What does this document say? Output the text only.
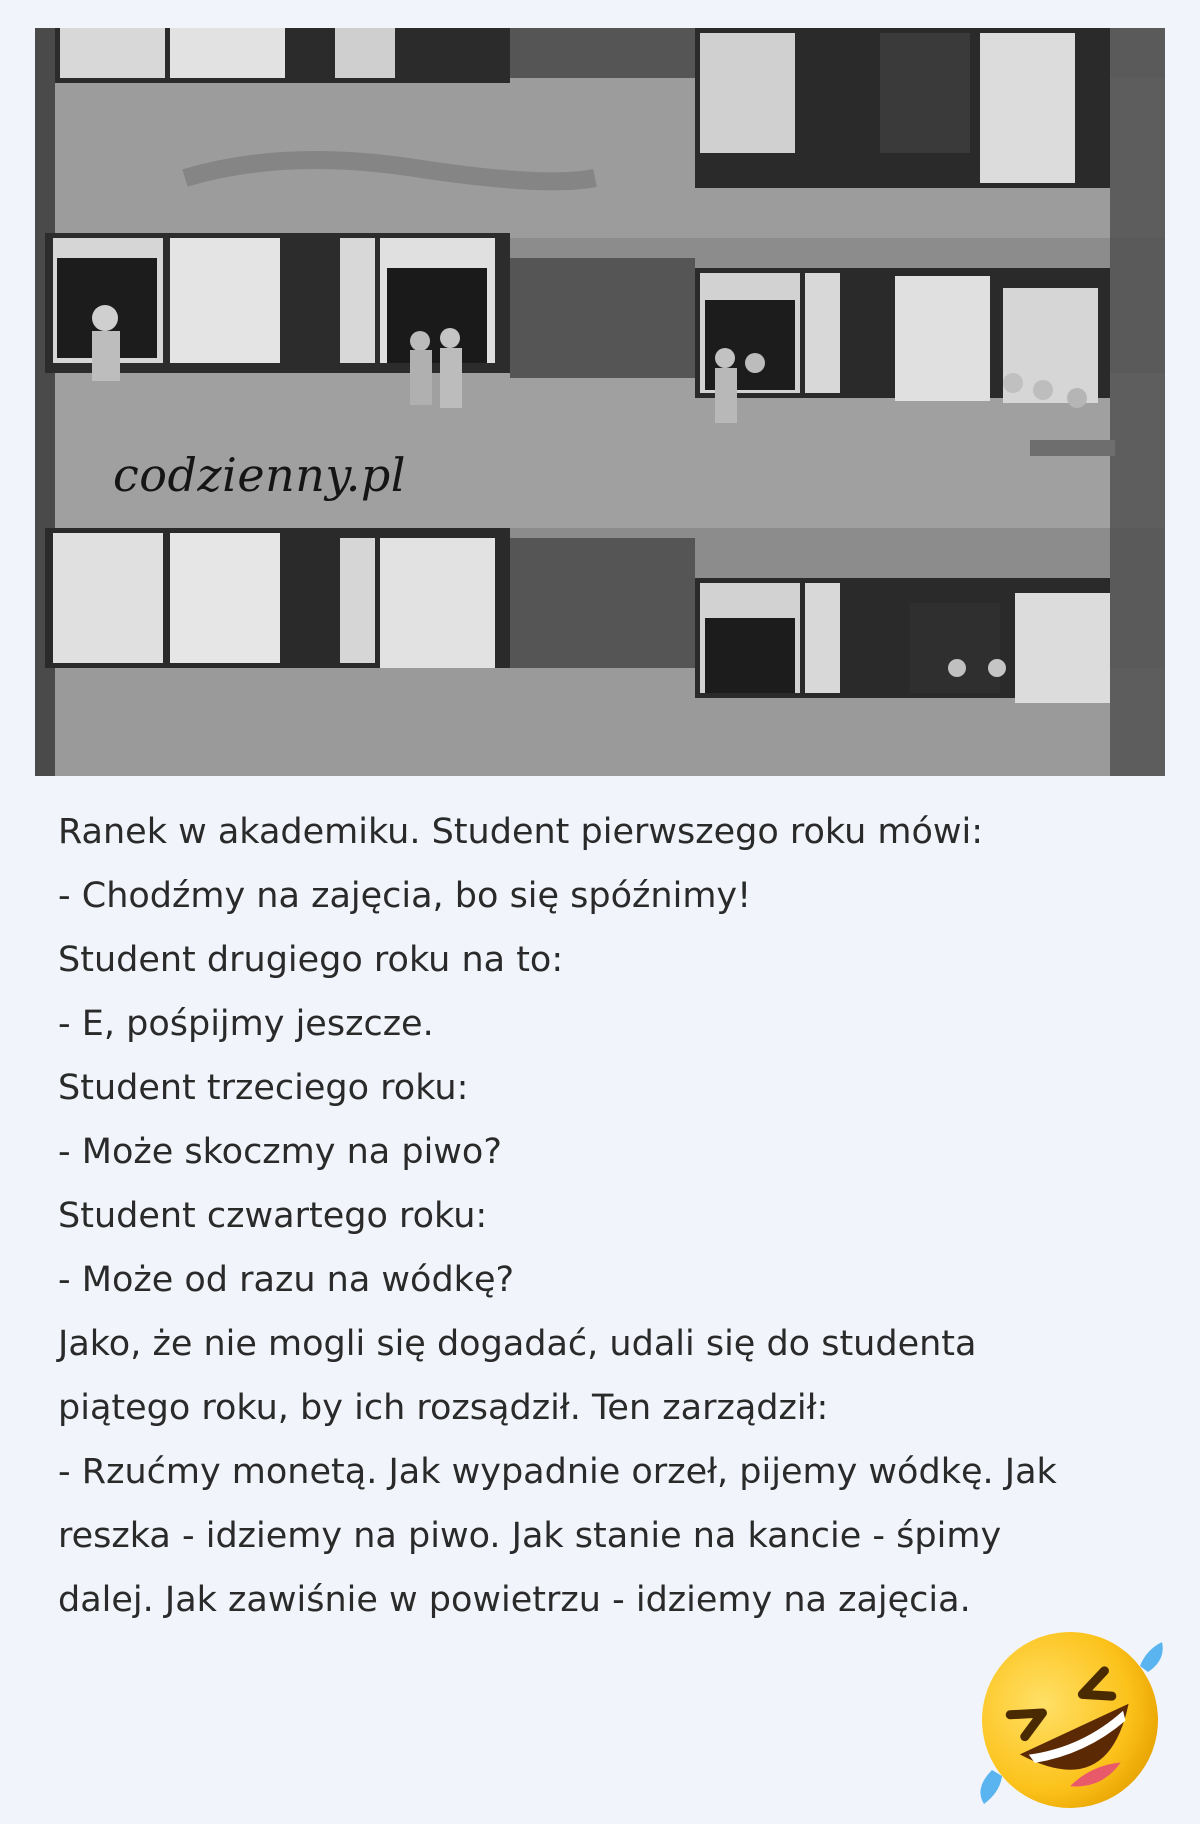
codzienny.pl

Ranek w akademiku. Student pierwszego roku mówi:

- Chodźmy na zajęcia, bo się spóźnimy!

Student drugiego roku na to:

- E, pośpijmy jeszcze.

Student trzeciego roku:

- Może skoczmy na piwo?

Student czwartego roku:

- Może od razu na wódkę?

Jako, że nie mogli się dogadać, udali się do studenta

piątego roku, by ich rozsądził. Ten zarządził:

- Rzućmy monetą. Jak wypadnie orzeł, pijemy wódkę. Jak

reszka - idziemy na piwo. Jak stanie na kancie - śpimy

dalej. Jak zawiśnie w powietrzu - idziemy na zajęcia.
